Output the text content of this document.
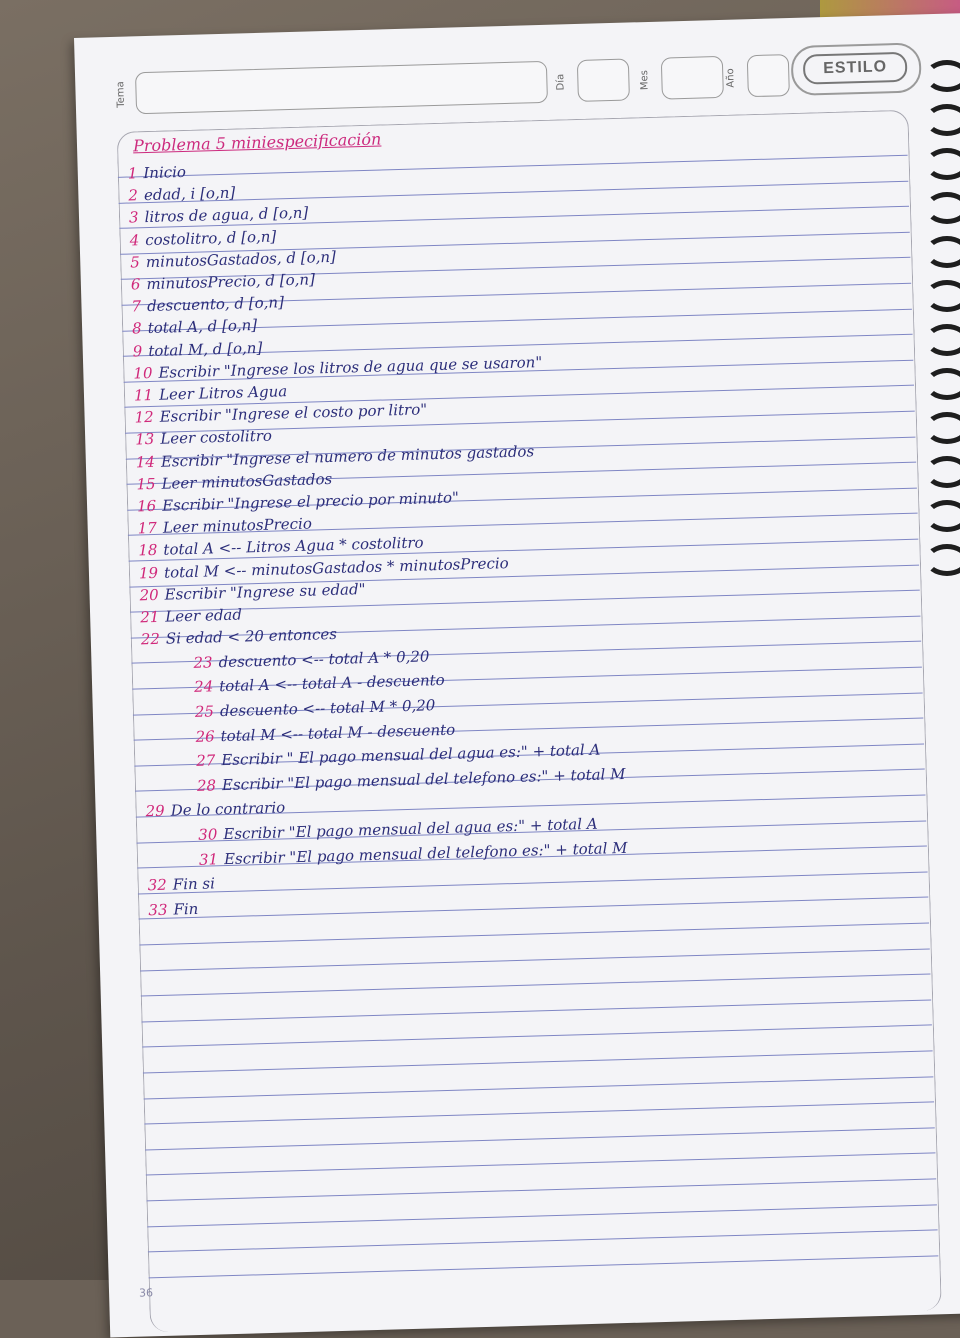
Tema	Día	Mes	Año
ESTILO
Problema 5 miniespecificación
1 Inicio
2 edad, i [o,n]
3 litros de agua, d [o,n]
4 costolitro, d [o,n]
5 minutosGastados, d [o,n]
6 minutosPrecio, d [o,n]
7 descuento, d [o,n]
8 total A, d [o,n]
9 total M, d [o,n]
10 Escribir "Ingrese los litros de agua que se usaron"
11 Leer Litros Agua
12 Escribir "Ingrese el costo por litro"
13 Leer costolitro
14 Escribir "Ingrese el numero de minutos gastados
15 Leer minutosGastados
16 Escribir "Ingrese el precio por minuto"
17 Leer minutosPrecio
18 total A <-- Litros Agua * costolitro
19 total M <-- minutosGastados * minutosPrecio
20 Escribir "Ingrese su edad"
21 Leer edad
22 Si edad < 20 entonces
23 descuento <-- total A * 0,20
24 total A <-- total A - descuento
25 descuento <-- total M * 0,20
26 total M <-- total M - descuento
27 Escribir " El pago mensual del agua es:" + total A
28 Escribir "El pago mensual del telefono es:" + total M
29 De lo contrario
30 Escribir "El pago mensual del agua es:" + total A
31 Escribir "El pago mensual del telefono es:" + total M
32 Fin si
33 Fin
36
